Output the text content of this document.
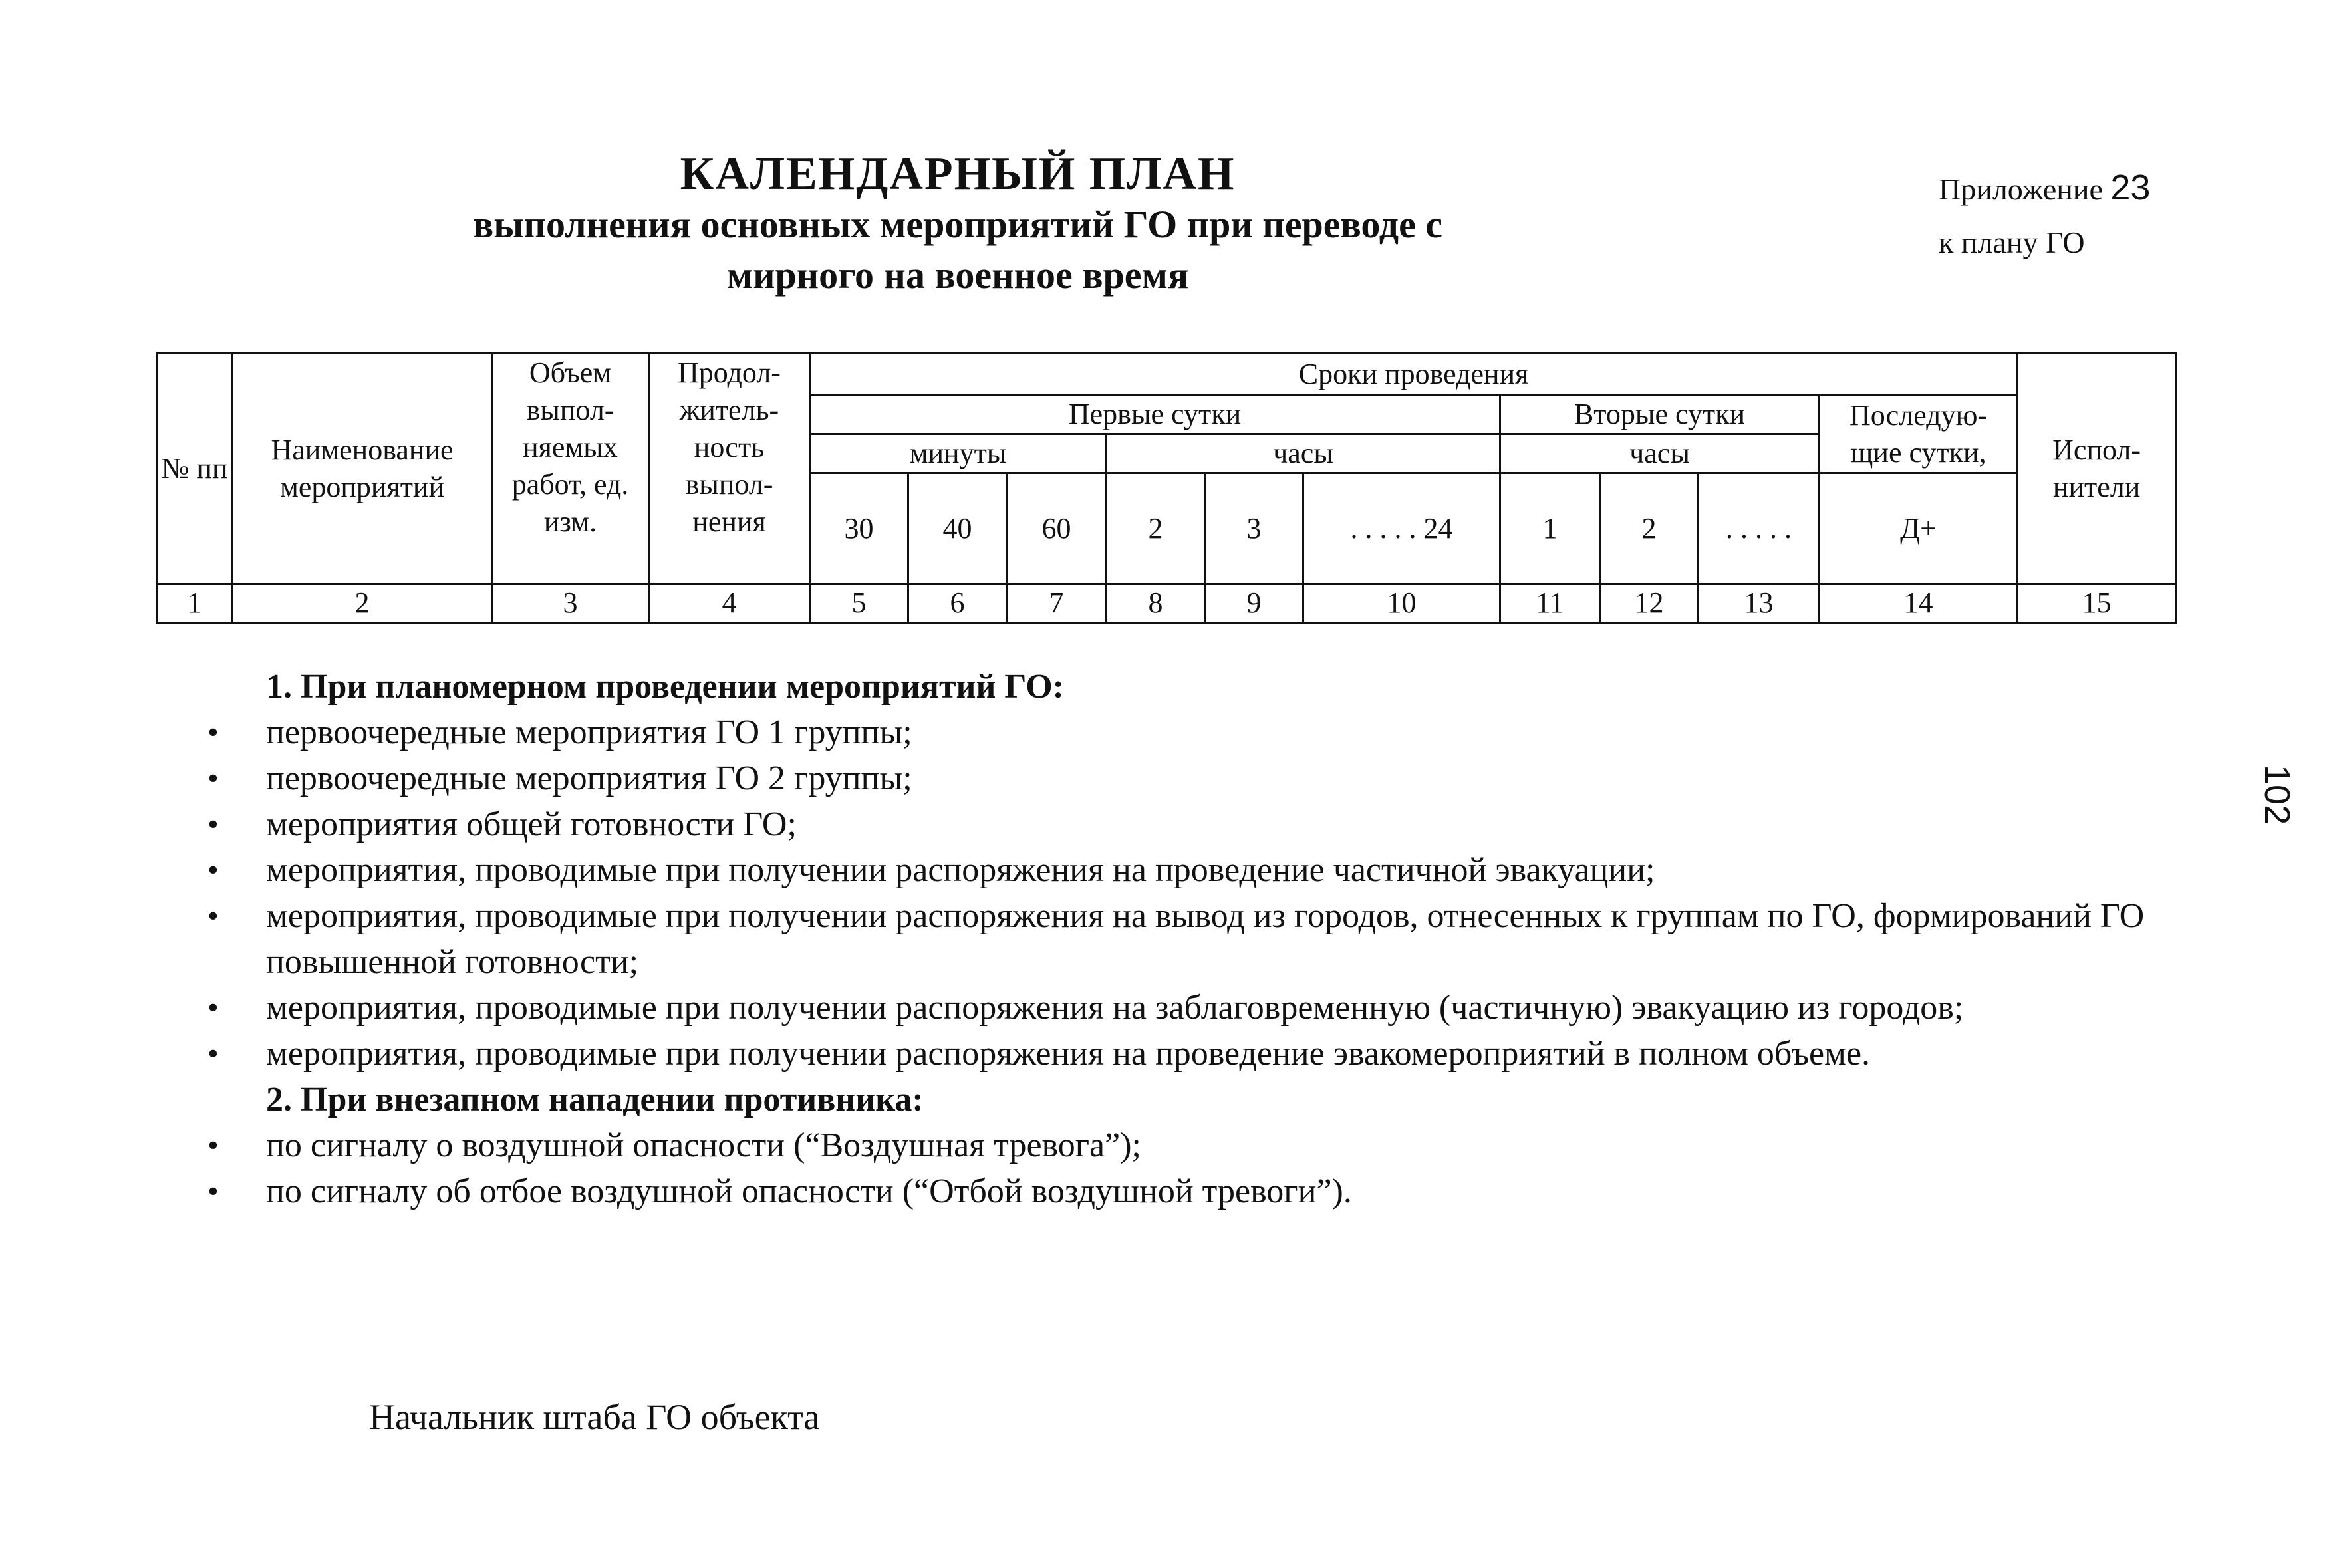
КАЛЕНДАРНЫЙ ПЛАН
выполнения основных мероприятий ГО при переводе с
мирного на военное время
Приложение 23
к плану ГО
102
№ пп	Наименование мероприятий	Объем выпол- няемых работ, ед. изм.	Продол- житель- ность выпол- нения	Сроки проведения										Испол- нители
				Первые сутки						Вторые сутки			Последую- щие сутки,	
				минуты			часы			часы				
				30	40	60	2	3	. . . . . 24	1	2	. . . . .	Д+	
1	2	3	4	5	6	7	8	9	10	11	12	13	14	15
1. При планомерном проведении мероприятий ГО:
• первоочередные мероприятия ГО 1 группы;
• первоочередные мероприятия ГО 2 группы;
• мероприятия общей готовности ГО;
• мероприятия, проводимые при получении распоряжения на проведение частичной эвакуации;
• мероприятия, проводимые при получении распоряжения на вывод из городов, отнесенных к группам по ГО, формирований ГО повышенной готовности;
• мероприятия, проводимые при получении распоряжения на заблаговременную (частичную) эвакуацию из городов;
• мероприятия, проводимые при получении распоряжения на проведение эвакомероприятий в полном объеме.
2. При внезапном нападении противника:
• по сигналу о воздушной опасности (“Воздушная тревога”);
• по сигналу об отбое воздушной опасности (“Отбой воздушной тревоги”).
Начальник штаба ГО объекта
